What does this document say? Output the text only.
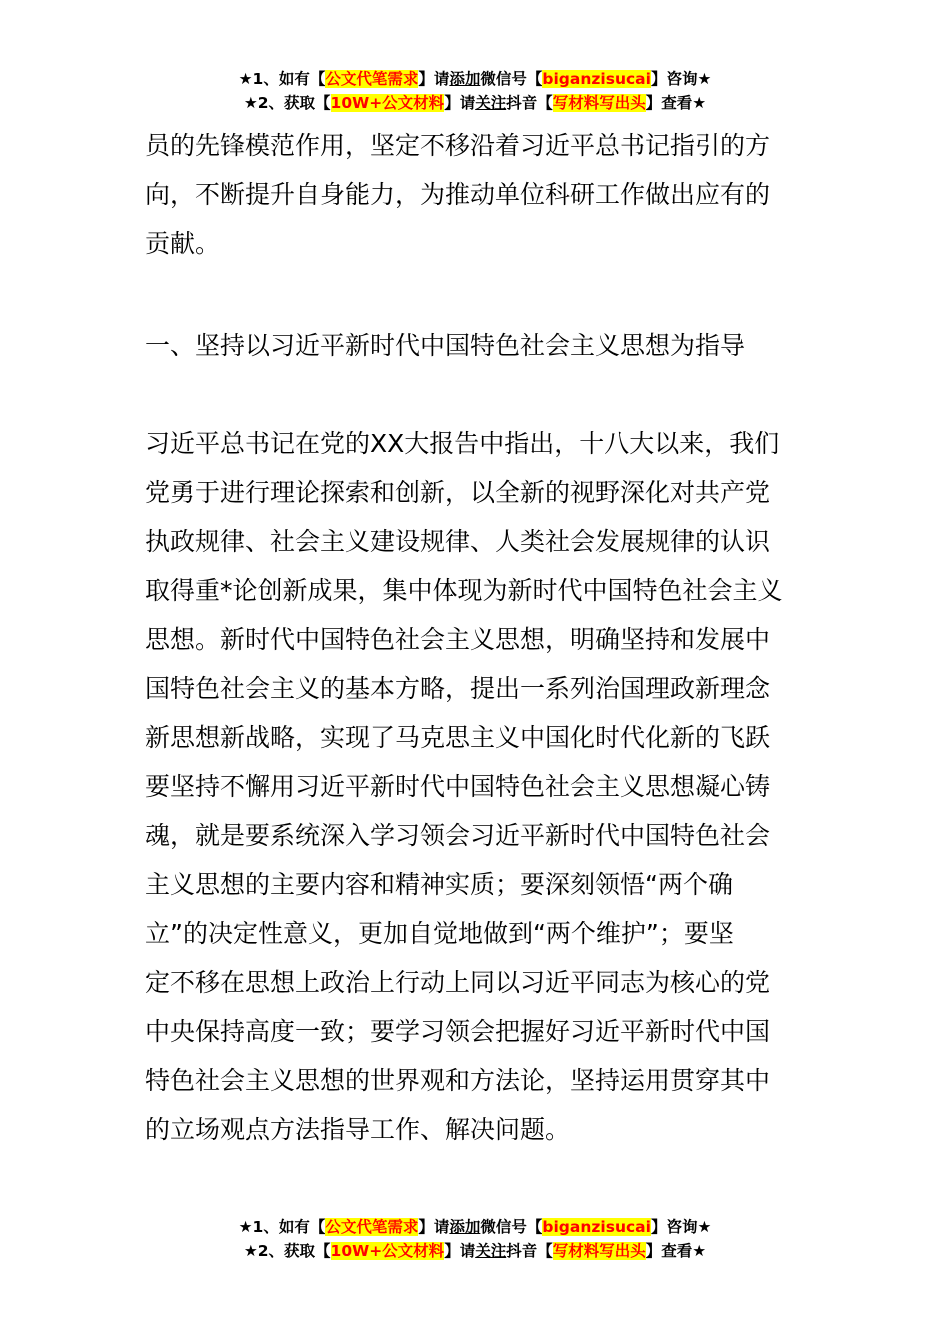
★1、如有【公文代笔需求】请添加微信号【biganzisucai】咨询★
★2、获取【10W+公文材料】请关注抖音【写材料写出头】查看★

员的先锋模范作用，坚定不移沿着习近平总书记指引的方

向，不断提升自身能力，为推动单位科研工作做出应有的

贡献。

一、坚持以习近平新时代中国特色社会主义思想为指导

习近平总书记在党的XX大报告中指出，十八大以来，我们

党勇于进行理论探索和创新，以全新的视野深化对共产党

执政规律、社会主义建设规律、人类社会发展规律的认识

取得重*论创新成果，集中体现为新时代中国特色社会主义

思想。新时代中国特色社会主义思想，明确坚持和发展中

国特色社会主义的基本方略，提出一系列治国理政新理念

新思想新战略，实现了马克思主义中国化时代化新的飞跃

要坚持不懈用习近平新时代中国特色社会主义思想凝心铸

魂，就是要系统深入学习领会习近平新时代中国特色社会

主义思想的主要内容和精神实质；要深刻领悟“两个确

立”的决定性意义，更加自觉地做到“两个维护”；要坚

定不移在思想上政治上行动上同以习近平同志为核心的党

中央保持高度一致；要学习领会把握好习近平新时代中国

特色社会主义思想的世界观和方法论，坚持运用贯穿其中

的立场观点方法指导工作、解决问题。

★1、如有【公文代笔需求】请添加微信号【biganzisucai】咨询★
★2、获取【10W+公文材料】请关注抖音【写材料写出头】查看★
